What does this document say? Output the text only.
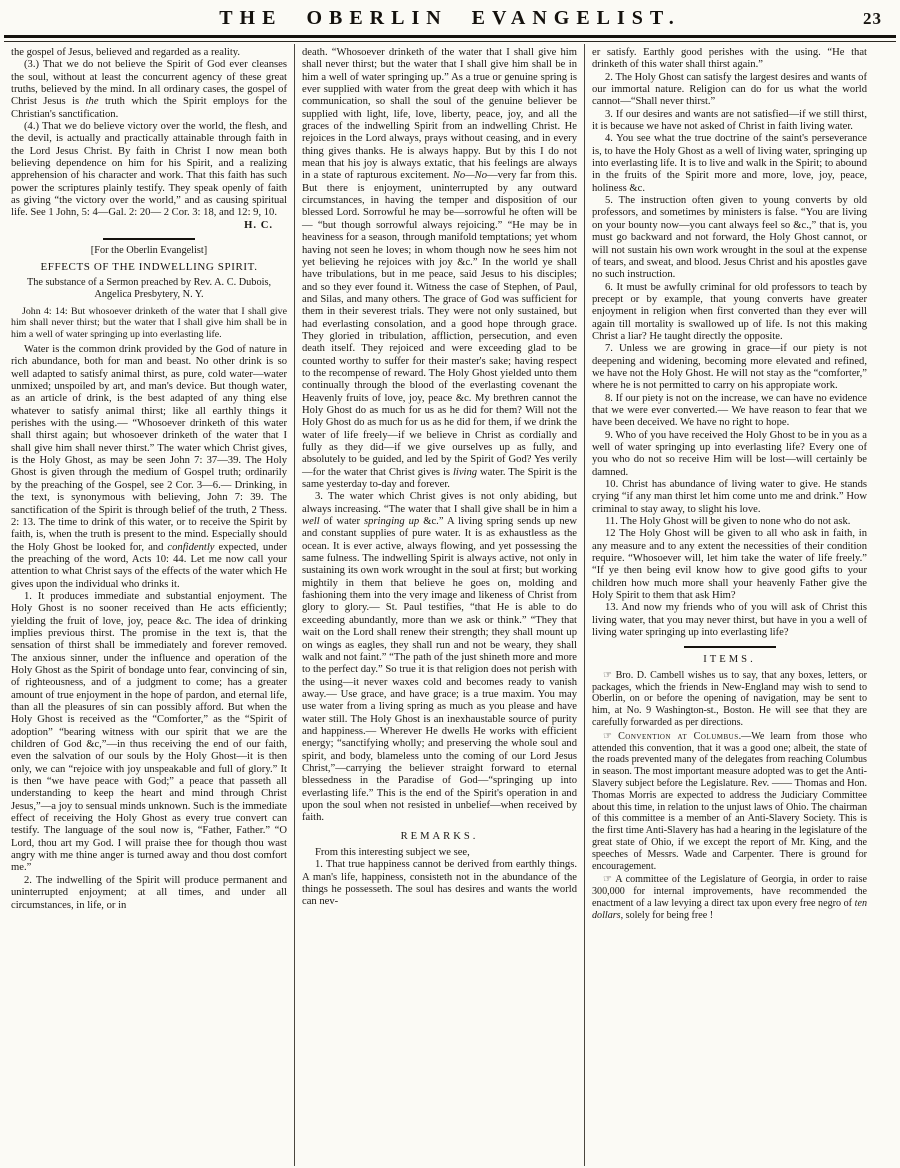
THE OBERLIN EVANGELIST.	23

the gospel of Jesus, believed and regarded as a reality.

(3.) That we do not believe the Spirit of God ever cleanses the soul, without at least the concurrent agency of these great truths, believed by the mind. In all ordinary cases, the gospel of Christ Jesus is the truth which the Spirit employs for the Christian's sanctification.

(4.) That we do believe victory over the world, the flesh, and the devil, is actually and practically attainable through faith in the Lord Jesus Christ. By faith in Christ I now mean both believing dependence on him for his Spirit, and a realizing apprehension of his character and work. That this faith has such power the scriptures plainly testify. They speak openly of faith as giving “the victory over the world,” and as causing spiritual life. See 1 John, 5: 4—Gal. 2: 20— 2 Cor. 3: 18, and 12: 9, 10.

H. C.

[For the Oberlin Evangelist]

EFFECTS OF THE INDWELLING SPIRIT.

The substance of a Sermon preached by Rev. A. C. Dubois, Angelica Presbytery, N. Y.

John 4: 14: But whosoever drinketh of the water that I shall give him shall never thirst; but the water that I shall give him shall be in him a well of water springing up into everlasting life.

Water is the common drink provided by the God of nature in rich abundance, both for man and beast. No other drink is so well adapted to satisfy animal thirst, as pure, cold water—water unmixed; unspoiled by art, and man's device. But though water, as an article of drink, is the best adapted of any thing else whatever to satisfy animal thirst; like all earthly things it perishes with the using.— “Whosoever drinketh of this water shall thirst again; but whosoever drinketh of the water that I shall give him shall never thirst.” The water which Christ gives, is the Holy Ghost, as may be seen John 7: 37—39. The Holy Ghost is given through the medium of Gospel truth; ordinarily by the preaching of the Gospel, see 2 Cor. 3—6.— Drinking, in the text, is synonymous with believing, John 7: 39. The sanctification of the Spirit is through belief of the truth, 2 Thess. 2: 13. The time to drink of this water, or to receive the Spirit by faith, is, when the truth is present to the mind. Especially should the Holy Ghost be looked for, and confidently expected, under the preaching of the word, Acts 10: 44. Let me now call your attention to what Christ says of the effects of the water which He gives upon the individual who drinks it.

1. It produces immediate and substantial enjoyment. The Holy Ghost is no sooner received than He acts efficiently; yielding the fruit of love, joy, peace &c. The idea of drinking implies previous thirst. The promise in the text is, that the sensation of thirst shall be immediately and forever removed. The anxious sinner, under the influence and operation of the Holy Ghost as the Spirit of bondage unto fear, convincing of sin, of righteousness, and of a judgment to come; has a greater amount of true enjoyment in the hope of pardon, and eternal life, than all the pleasures of sin can possibly afford. But when the Holy Ghost is received as the “Comforter,” as the “Spirit of adoption” “bearing witness with our spirit that we are the children of God &c,”—in thus receiving the end of our faith, even the salvation of our souls by the Holy Ghost—it is then only, we can “rejoice with joy unspeakable and full of glory.” It is then “we have peace with God;” a peace that passeth all understanding to keep the heart and mind through Christ Jesus,”—a joy to sensual minds unknown. Such is the immediate effect of receiving the Holy Ghost as every true convert can testify. The language of the soul now is, “Father, Father.” “O Lord, thou art my God. I will praise thee for though thou wast angry with me thine anger is turned away and thou dost comfort me.”

2. The indwelling of the Spirit will produce permanent and uninterrupted enjoyment; at all times, and under all circumstances, in life, or in

death. “Whosoever drinketh of the water that I shall give him shall never thirst; but the water that I shall give him shall be in him a well of water springing up.” As a true or genuine spring is ever supplied with water from the great deep with which it has communication, so shall the soul of the genuine believer be supplied with light, life, love, liberty, peace, joy, and all the graces of the indwelling Spirit from an indwelling Christ. He rejoices in the Lord always, prays without ceasing, and in every thing gives thanks. He is always happy. But by this I do not mean that his joy is always extatic, that his feelings are always in a state of rapturous excitement. No—No—very far from this. But there is enjoyment, uninterrupted by any outward circumstances, in having the temper and disposition of our blessed Lord. Sorrowful he may be—sorrowful he often will be— “but though sorrowful always rejoicing.” “He may be in heaviness for a season, through manifold temptations; yet whom having not seen he loves; in whom though now he sees him not yet believing he rejoices with joy &c.” In the world ye shall have tribulations, but in me peace, said Jesus to his disciples; and so they ever found it. Witness the case of Stephen, of Paul, and Silas, and many others. The grace of God was sufficient for them in their severest trials. They were not only sustained, but had everlasting consolation, and a good hope through grace. They gloried in tribulation, affliction, persecution, and even death itself. They rejoiced and were exceeding glad to be counted worthy to suffer for their master's sake; having respect to the recompense of reward. The Holy Ghost yielded unto them continually through the blood of the everlasting covenant the Heavenly fruits of love, joy, peace &c. My brethren cannot the Holy Ghost do as much for us as he did for them? Will not the Holy Ghost do as much for us as he did for them, if we drink the water of life freely—if we believe in Christ as cordially and fully as they did—if we give ourselves up as fully, and absolutely to be guided, and led by the Spirit of God? Yes verily—for the water that Christ gives is living water. The Spirit is the same yesterday to-day and forever.

3. The water which Christ gives is not only abiding, but always increasing. “The water that I shall give shall be in him a well of water springing up &c.” A living spring sends up new and constant supplies of pure water. It is as exhaustless as the ocean. It is ever active, always flowing, and yet possessing the same fulness. The indwelling Spirit is always active, not only in sustaining its own work wrought in the soul at first; but working mightily in them that believe he goes on, molding and fashioning them into the very image and likeness of Christ from glory to glory.— St. Paul testifies, “that He is able to do exceeding abundantly, more than we ask or think.” “They that wait on the Lord shall renew their strength; they shall mount up on wings as eagles, they shall run and not be weary, they shall walk and not faint.” “The path of the just shineth more and more to the perfect day.” So true it is that religion does not perish with the using—it never waxes cold and becomes ready to vanish away.— Use grace, and have grace; is a true maxim. You may use water from a living spring as much as you please and have water still. The Holy Ghost is an inexhaustable source of purity and happiness.— Wherever He dwells He works with efficient energy; “sanctifying wholly; and preserving the whole soul and spirit, and body, blameless unto the coming of our Lord Jesus Christ,”—carrying the believer straight forward to eternal blessedness in the Paradise of God—“springing up into everlasting life.” This is the end of the Spirit's operation in and upon the soul when not resisted in unbelief—when received by faith.

REMARKS.

From this interesting subject we see,

1. That true happiness cannot be derived from earthly things. A man's life, happiness, consisteth not in the abundance of the things he possesseth. The soul has desires and wants the world can nev-

er satisfy. Earthly good perishes with the using. “He that drinketh of this water shall thirst again.”

2. The Holy Ghost can satisfy the largest desires and wants of our immortal nature. Religion can do for us what the world cannot—“Shall never thirst.”

3. If our desires and wants are not satisfied—if we still thirst, it is because we have not asked of Christ in faith living water.

4. You see what the true doctrine of the saint's perseverance is, to have the Holy Ghost as a well of living water, springing up into everlasting life. It is to live and walk in the Spirit; to abound in the fruits of the Spirit more and more, love, joy, peace, holiness &c.

5. The instruction often given to young converts by old professors, and sometimes by ministers is false. “You are living on your bounty now—you cant always feel so &c.,” that is, you must go backward and not forward, the Holy Ghost cannot, or will not sustain his own work wrought in the soul at the expense of tears, and sweat, and blood. Jesus Christ and his apostles gave no such instruction.

6. It must be awfully criminal for old professors to teach by precept or by example, that young converts have greater enjoyment in religion when first converted than they ever will again till mortality is swallowed up of life. Is not this making Christ a liar? He taught directly the opposite.

7. Unless we are growing in grace—if our piety is not deepening and widening, becoming more elevated and refined, we have not the Holy Ghost. He will not stay as the “comforter,” where he is not permitted to carry on his appropiate work.

8. If our piety is not on the increase, we can have no evidence that we were ever converted.— We have reason to fear that we have been deceived. We have no right to hope.

9. Who of you have received the Holy Ghost to be in you as a well of water springing up into everlasting life? Every one of you who do not so receive Him will be lost—will certainly be damned.

10. Christ has abundance of living water to give. He stands crying “if any man thirst let him come unto me and drink.” How criminal to stay away, to slight his love.

11. The Holy Ghost will be given to none who do not ask.

12 The Holy Ghost will be given to all who ask in faith, in any measure and to any extent the necessities of their condition require. “Whosoever will, let him take the water of life freely.” “If ye then being evil know how to give good gifts to your children how much more shall your heavenly Father give the Holy Spirit to them that ask Him?

13. And now my friends who of you will ask of Christ this living water, that you may never thirst, but have in you a well of living water springing up into everlasting life?

ITEMS.

☞ Bro. D. Cambell wishes us to say, that any boxes, letters, or packages, which the friends in New-England may wish to send to Oberlin, on or before the opening of navigation, may be sent to him, at No. 9 Washington-st., Boston. He will see that they are carefully forwarded as per directions.

☞ Convention at Columbus.—We learn from those who attended this convention, that it was a good one; albeit, the state of the roads prevented many of the delegates from reaching Columbus in season. The most important measure adopted was to get the Anti-Slavery subject before the Legislature. Rev. —— Thomas and Hon. Thomas Morris are expected to address the Judiciary Committee about this time, in relation to the unjust laws of Ohio. The chairman of this committee is a member of an Anti-Slavery Society. This is the first time Anti-Slavery has had a hearing in the legislature of the great state of Ohio, if we except the report of Mr. King, and the speeches of Messrs. Wade and Carpenter. There is ground for encouragement.

☞ A committee of the Legislature of Georgia, in order to raise 300,000 for internal improvements, have recommended the enactment of a law levying a direct tax upon every free negro of ten dollars, solely for being free !
